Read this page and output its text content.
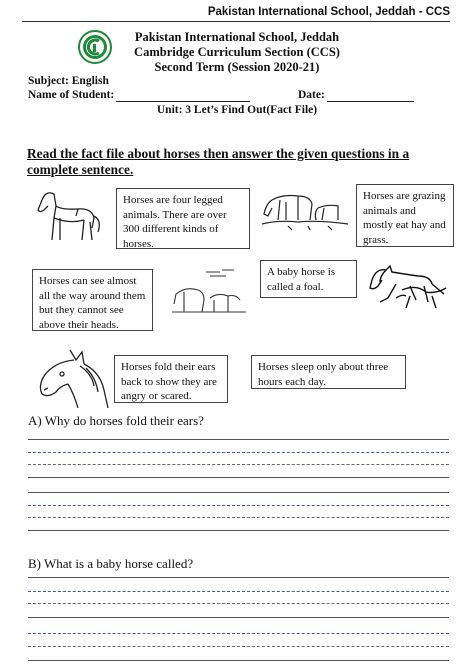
Pakistan International School, Jeddah - CCS
Pakistan International School, Jeddah
Cambridge Curriculum Section (CCS)
Second Term (Session 2020-21)
Subject: English
Name of Student:	Date:
Unit: 3 Let’s Find Out(Fact File)
Read the fact file about horses then answer the given questions in a complete sentence.
Horses are four legged animals. There are over 300 different kinds of horses.
Horses are grazing animals and mostly eat hay and grass.
Horses can see almost all the way around them but they cannot see above their heads.
A baby horse is called a foal.
Horses fold their ears back to show they are angry or scared.
Horses sleep only about three hours each day.
A) Why do horses fold their ears?
B) What is a baby horse called?
